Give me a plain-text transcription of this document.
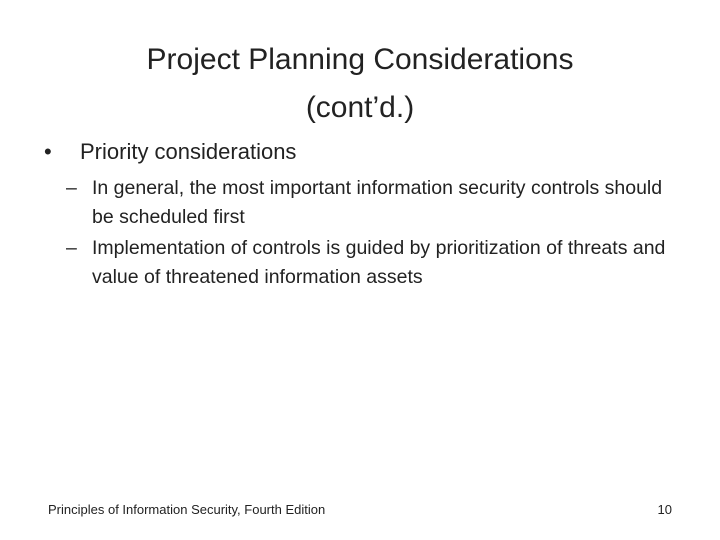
Project Planning Considerations
(cont’d.)
•	Priority considerations
– In general, the most important information security controls should be scheduled first
– Implementation of controls is guided by prioritization of threats and value of threatened information assets
Principles of Information Security, Fourth Edition	10
